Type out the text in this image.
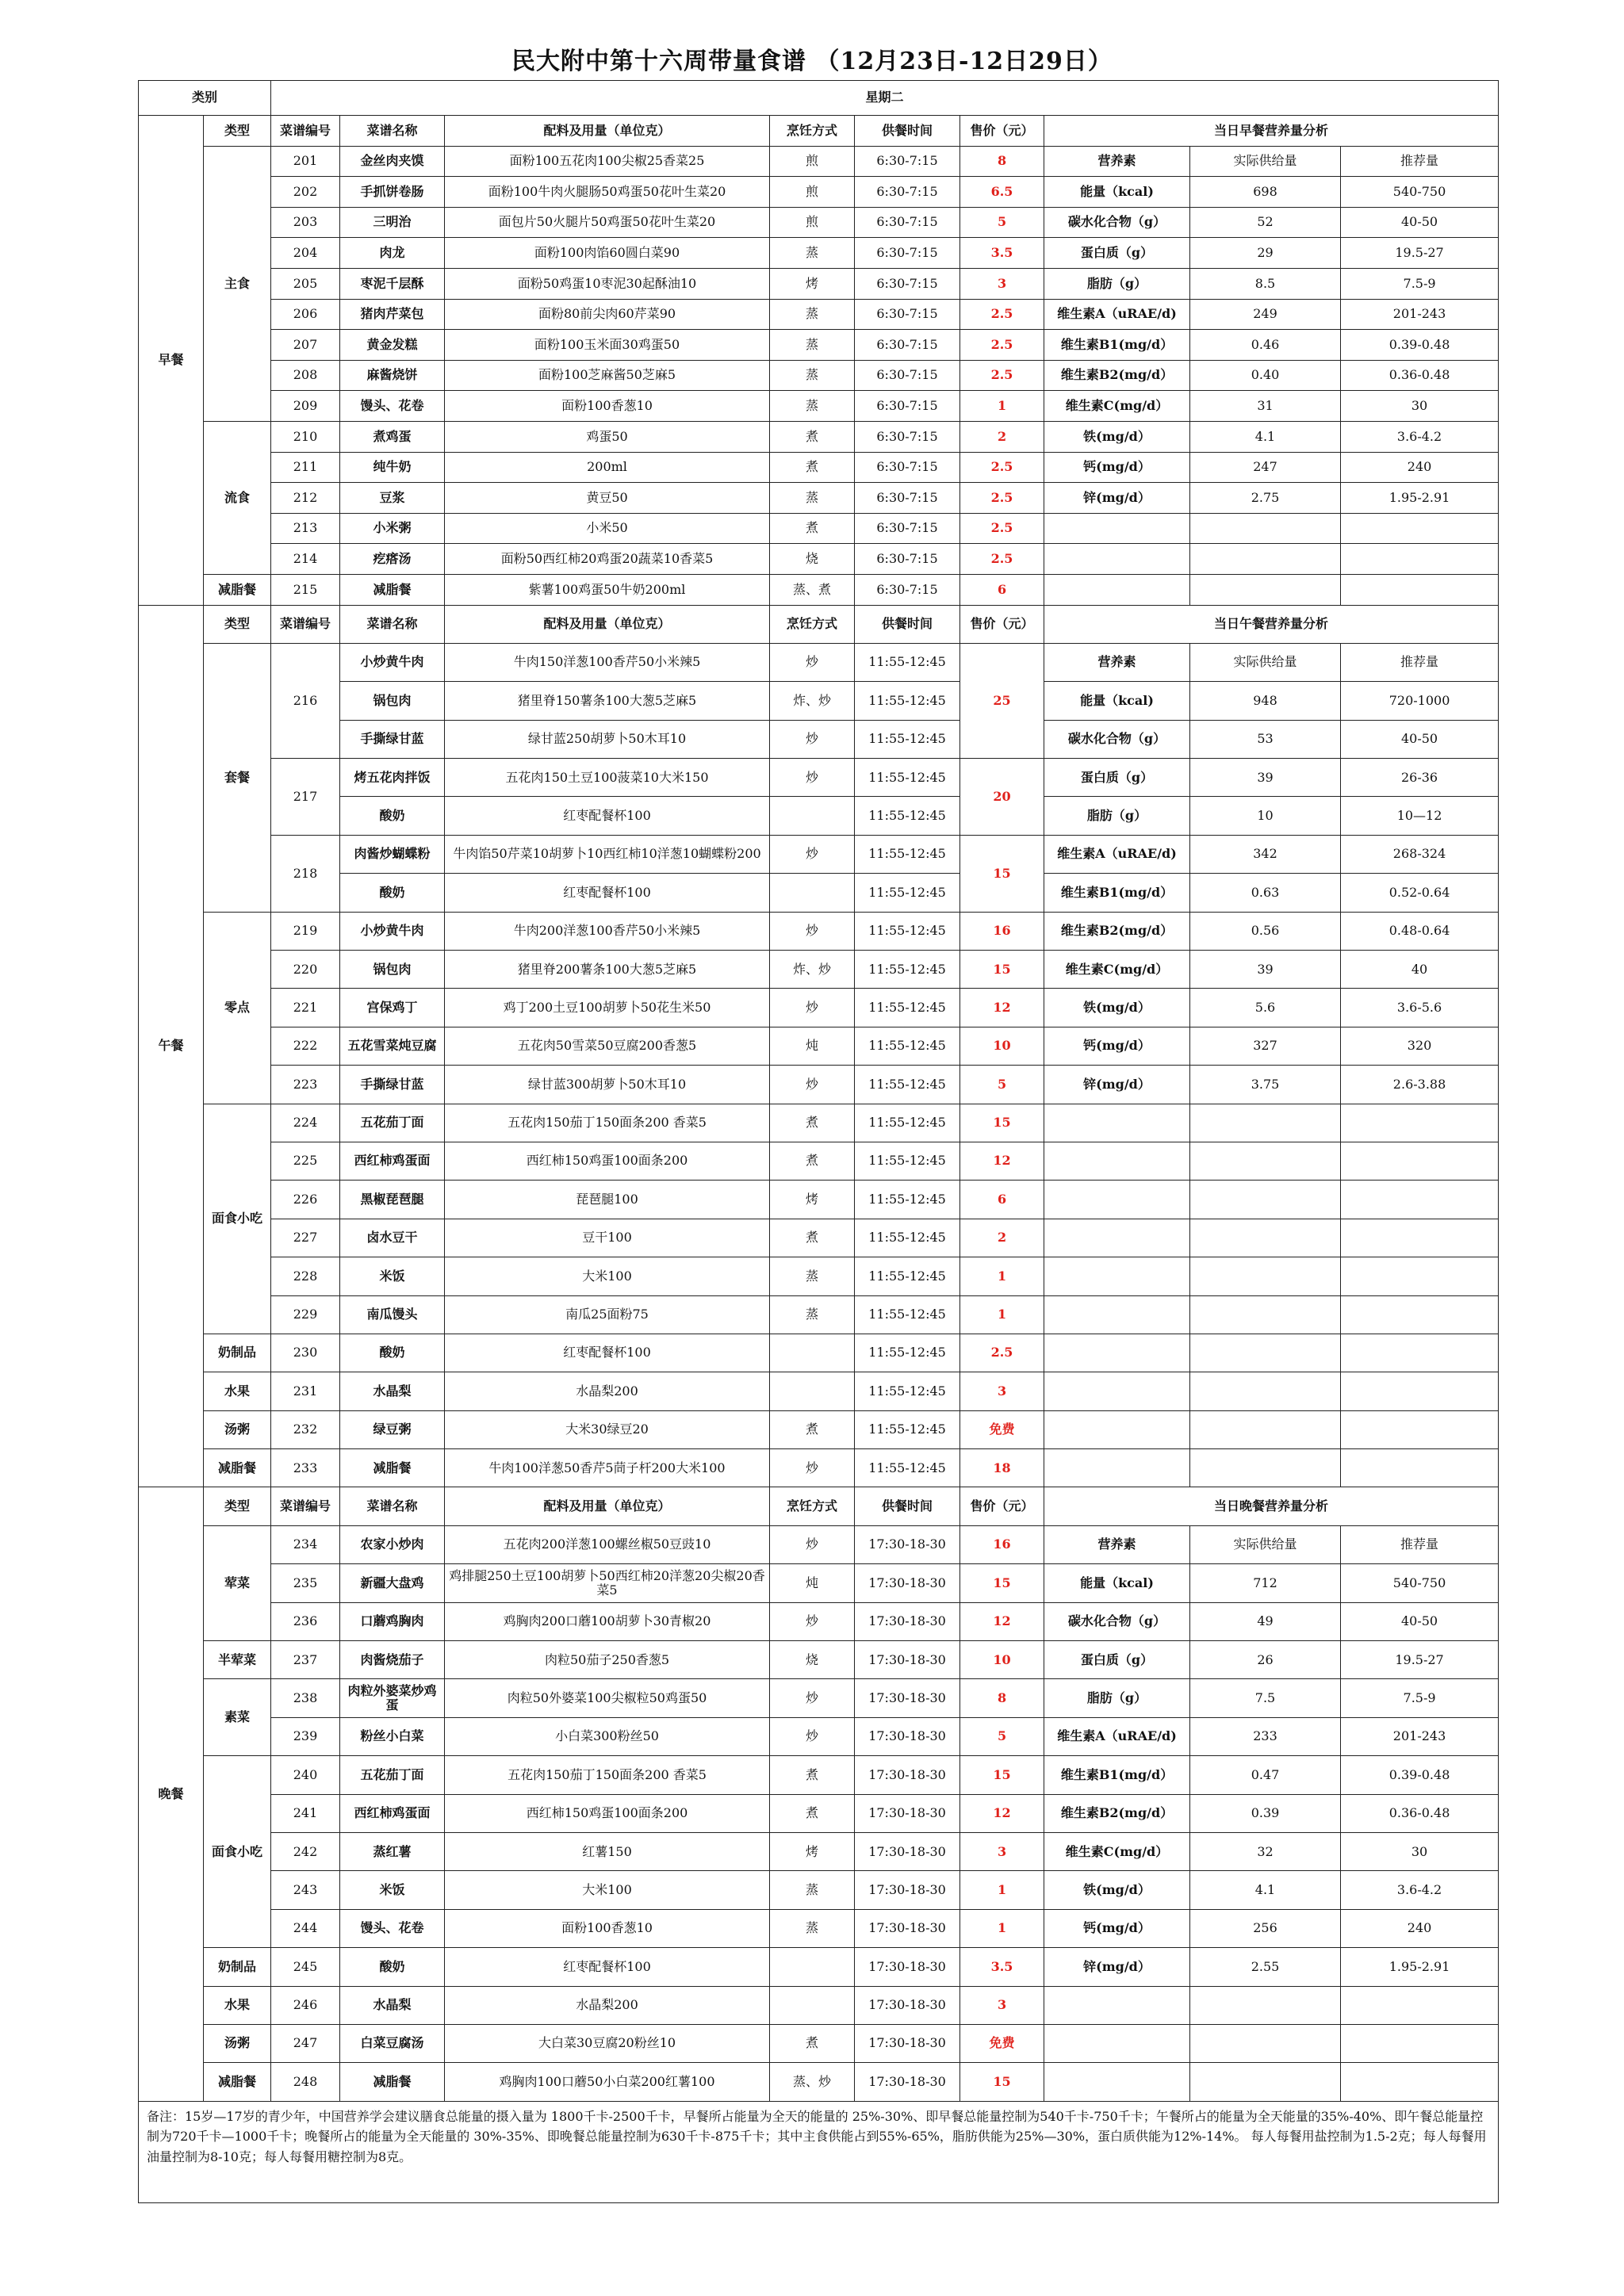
民大附中第十六周带量食谱 （12月23日-12日29日）
类别		星期二								
早餐	类型	菜谱编号	菜谱名称	配料及用量（单位克）	烹饪方式	供餐时间	售价（元）	当日早餐营养量分析		
	主食	201	金丝肉夹馍	面粉100五花肉100尖椒25香菜25	煎	6:30-7:15	8	营养素	实际供给量	推荐量
		202	手抓饼卷肠	面粉100牛肉火腿肠50鸡蛋50花叶生菜20	煎	6:30-7:15	6.5	能量（kcal)	698	540-750
		203	三明治	面包片50火腿片50鸡蛋50花叶生菜20	煎	6:30-7:15	5	碳水化合物（g）	52	40-50
		204	肉龙	面粉100肉馅60圆白菜90	蒸	6:30-7:15	3.5	蛋白质（g）	29	19.5-27
		205	枣泥千层酥	面粉50鸡蛋10枣泥30起酥油10	烤	6:30-7:15	3	脂肪（g）	8.5	7.5-9
		206	猪肉芹菜包	面粉80前尖肉60芹菜90	蒸	6:30-7:15	2.5	维生素A（uRAE/d)	249	201-243
		207	黄金发糕	面粉100玉米面30鸡蛋50	蒸	6:30-7:15	2.5	维生素B1(mg/d）	0.46	0.39-0.48
		208	麻酱烧饼	面粉100芝麻酱50芝麻5	蒸	6:30-7:15	2.5	维生素B2(mg/d）	0.40	0.36-0.48
		209	馒头、花卷	面粉100香葱10	蒸	6:30-7:15	1	维生素C(mg/d）	31	30
	流食	210	煮鸡蛋	鸡蛋50	煮	6:30-7:15	2	铁(mg/d）	4.1	3.6-4.2
		211	纯牛奶	200ml	煮	6:30-7:15	2.5	钙(mg/d）	247	240
		212	豆浆	黄豆50	蒸	6:30-7:15	2.5	锌(mg/d）	2.75	1.95-2.91
		213	小米粥	小米50	煮	6:30-7:15	2.5			
		214	疙瘩汤	面粉50西红柿20鸡蛋20蔬菜10香菜5	烧	6:30-7:15	2.5			
	减脂餐	215	减脂餐	紫薯100鸡蛋50牛奶200ml	蒸、煮	6:30-7:15	6			
午餐	类型	菜谱编号	菜谱名称	配料及用量（单位克）	烹饪方式	供餐时间	售价（元）	当日午餐营养量分析		
	套餐	216	小炒黄牛肉	牛肉150洋葱100香芹50小米辣5	炒	11:55-12:45	25	营养素	实际供给量	推荐量
			锅包肉	猪里脊150薯条100大葱5芝麻5	炸、炒	11:55-12:45		能量（kcal)	948	720-1000
			手撕绿甘蓝	绿甘蓝250胡萝卜50木耳10	炒	11:55-12:45		碳水化合物（g）	53	40-50
		217	烤五花肉拌饭	五花肉150土豆100菠菜10大米150	炒	11:55-12:45	20	蛋白质（g）	39	26-36
			酸奶	红枣配餐杯100		11:55-12:45		脂肪（g）	10	10—12
		218	肉酱炒蝴蝶粉	牛肉馅50芹菜10胡萝卜10西红柿10洋葱10蝴蝶粉200	炒	11:55-12:45	15	维生素A（uRAE/d)	342	268-324
			酸奶	红枣配餐杯100		11:55-12:45		维生素B1(mg/d）	0.63	0.52-0.64
	零点	219	小炒黄牛肉	牛肉200洋葱100香芹50小米辣5	炒	11:55-12:45	16	维生素B2(mg/d）	0.56	0.48-0.64
		220	锅包肉	猪里脊200薯条100大葱5芝麻5	炸、炒	11:55-12:45	15	维生素C(mg/d）	39	40
		221	宫保鸡丁	鸡丁200土豆100胡萝卜50花生米50	炒	11:55-12:45	12	铁(mg/d）	5.6	3.6-5.6
		222	五花雪菜炖豆腐	五花肉50雪菜50豆腐200香葱5	炖	11:55-12:45	10	钙(mg/d）	327	320
		223	手撕绿甘蓝	绿甘蓝300胡萝卜50木耳10	炒	11:55-12:45	5	锌(mg/d）	3.75	2.6-3.88
	面食小吃	224	五花茄丁面	五花肉150茄丁150面条200 香菜5	煮	11:55-12:45	15			
		225	西红柿鸡蛋面	西红柿150鸡蛋100面条200	煮	11:55-12:45	12			
		226	黑椒琵琶腿	琵琶腿100	烤	11:55-12:45	6			
		227	卤水豆干	豆干100	煮	11:55-12:45	2			
		228	米饭	大米100	蒸	11:55-12:45	1			
		229	南瓜馒头	南瓜25面粉75	蒸	11:55-12:45	1			
	奶制品	230	酸奶	红枣配餐杯100		11:55-12:45	2.5			
	水果	231	水晶梨	水晶梨200		11:55-12:45	3			
	汤粥	232	绿豆粥	大米30绿豆20	煮	11:55-12:45	免费			
	减脂餐	233	减脂餐	牛肉100洋葱50香芹5茼子杆200大米100	炒	11:55-12:45	18			
晚餐	类型	菜谱编号	菜谱名称	配料及用量（单位克）	烹饪方式	供餐时间	售价（元）	当日晚餐营养量分析		
	荤菜	234	农家小炒肉	五花肉200洋葱100螺丝椒50豆豉10	炒	17:30-18-30	16	营养素	实际供给量	推荐量
		235	新疆大盘鸡	鸡排腿250土豆100胡萝卜50西红柿20洋葱20尖椒20香菜5	炖	17:30-18-30	15	能量（kcal)	712	540-750
		236	口蘑鸡胸肉	鸡胸肉200口蘑100胡萝卜30青椒20	炒	17:30-18-30	12	碳水化合物（g）	49	40-50
	半荤菜	237	肉酱烧茄子	肉粒50茄子250香葱5	烧	17:30-18-30	10	蛋白质（g）	26	19.5-27
	素菜	238	肉粒外婆菜炒鸡蛋	肉粒50外婆菜100尖椒粒50鸡蛋50	炒	17:30-18-30	8	脂肪（g）	7.5	7.5-9
		239	粉丝小白菜	小白菜300粉丝50	炒	17:30-18-30	5	维生素A（uRAE/d)	233	201-243
	面食小吃	240	五花茄丁面	五花肉150茄丁150面条200 香菜5	煮	17:30-18-30	15	维生素B1(mg/d）	0.47	0.39-0.48
		241	西红柿鸡蛋面	西红柿150鸡蛋100面条200	煮	17:30-18-30	12	维生素B2(mg/d）	0.39	0.36-0.48
		242	蒸红薯	红薯150	烤	17:30-18-30	3	维生素C(mg/d）	32	30
		243	米饭	大米100	蒸	17:30-18-30	1	铁(mg/d）	4.1	3.6-4.2
		244	馒头、花卷	面粉100香葱10	蒸	17:30-18-30	1	钙(mg/d）	256	240
	奶制品	245	酸奶	红枣配餐杯100		17:30-18-30	3.5	锌(mg/d）	2.55	1.95-2.91
	水果	246	水晶梨	水晶梨200		17:30-18-30	3			
	汤粥	247	白菜豆腐汤	大白菜30豆腐20粉丝10	煮	17:30-18-30	免费			
	减脂餐	248	减脂餐	鸡胸肉100口蘑50小白菜200红薯100	蒸、炒	17:30-18-30	15			
备注：15岁—17岁的青少年，中国营养学会建议膳食总能量的摄入量为 1800千卡-2500千卡，早餐所占能量为全天的能量的 25%-30%、即早餐总能量控制为540千卡-750千卡；午餐所占的能量为全天能量的35%-40%、即午餐总能量控制为720千卡—1000千卡；晚餐所占的能量为全天能量的 30%-35%、即晚餐总能量控制为630千卡-875千卡；其中主食供能占到55%-65%，脂肪供能为25%—30%，蛋白质供能为12%-14%。 每人每餐用盐控制为1.5-2克；每人每餐用油量控制为8-10克；每人每餐用糖控制为8克。										
